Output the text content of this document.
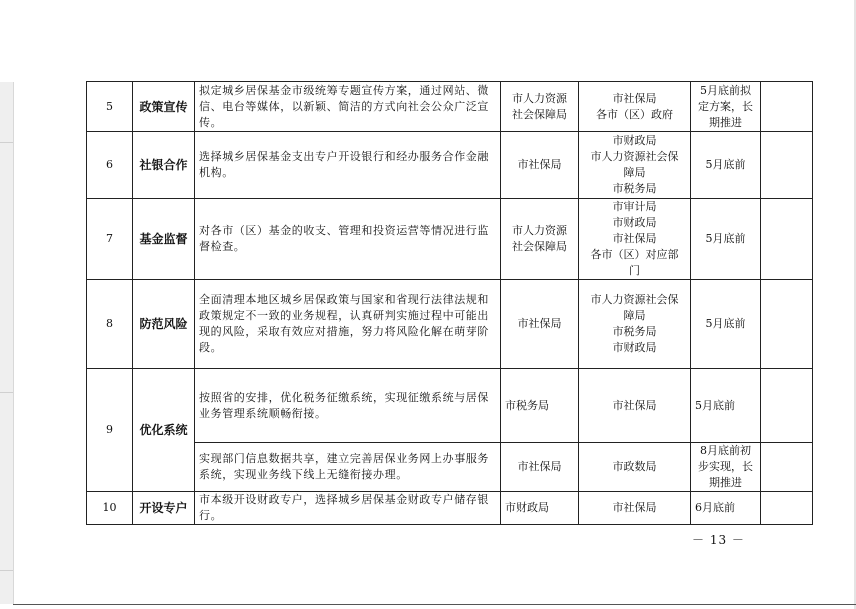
5	政策宣传	拟定城乡居保基金市级统筹专题宣传方案，通过网站、微信、电台等媒体，以新颖、简洁的方式向社会公众广泛宣传。	市人力资源
社会保障局	市社保局
各市（区）政府	5月底前拟
定方案，长
期推进	

6	社银合作	选择城乡居保基金支出专户开设银行和经办服务合作金融机构。	市社保局	市财政局
市人力资源社会保
障局
市税务局	5月底前	

7	基金监督	对各市（区）基金的收支、管理和投资运营等情况进行监督检查。	市人力资源
社会保障局	市审计局
市财政局
市社保局
各市（区）对应部
门	5月底前	

8	防范风险	全面清理本地区城乡居保政策与国家和省现行法律法规和政策规定不一致的业务规程，认真研判实施过程中可能出现的风险，采取有效应对措施，努力将风险化解在萌芽阶段。	市社保局	市人力资源社会保
障局
市税务局
市财政局	5月底前	

9	优化系统	按照省的安排，优化税务征缴系统，实现征缴系统与居保业务管理系统顺畅衔接。	市税务局	市社保局	5月底前	

		实现部门信息数据共享，建立完善居保业务网上办事服务系统，实现业务线下线上无缝衔接办理。	市社保局	市政数局	8月底前初
步实现，长
期推进	

10	开设专户	市本级开设财政专户，选择城乡居保基金财政专户储存银行。	市财政局	市社保局	6月底前	

－ 13 －
